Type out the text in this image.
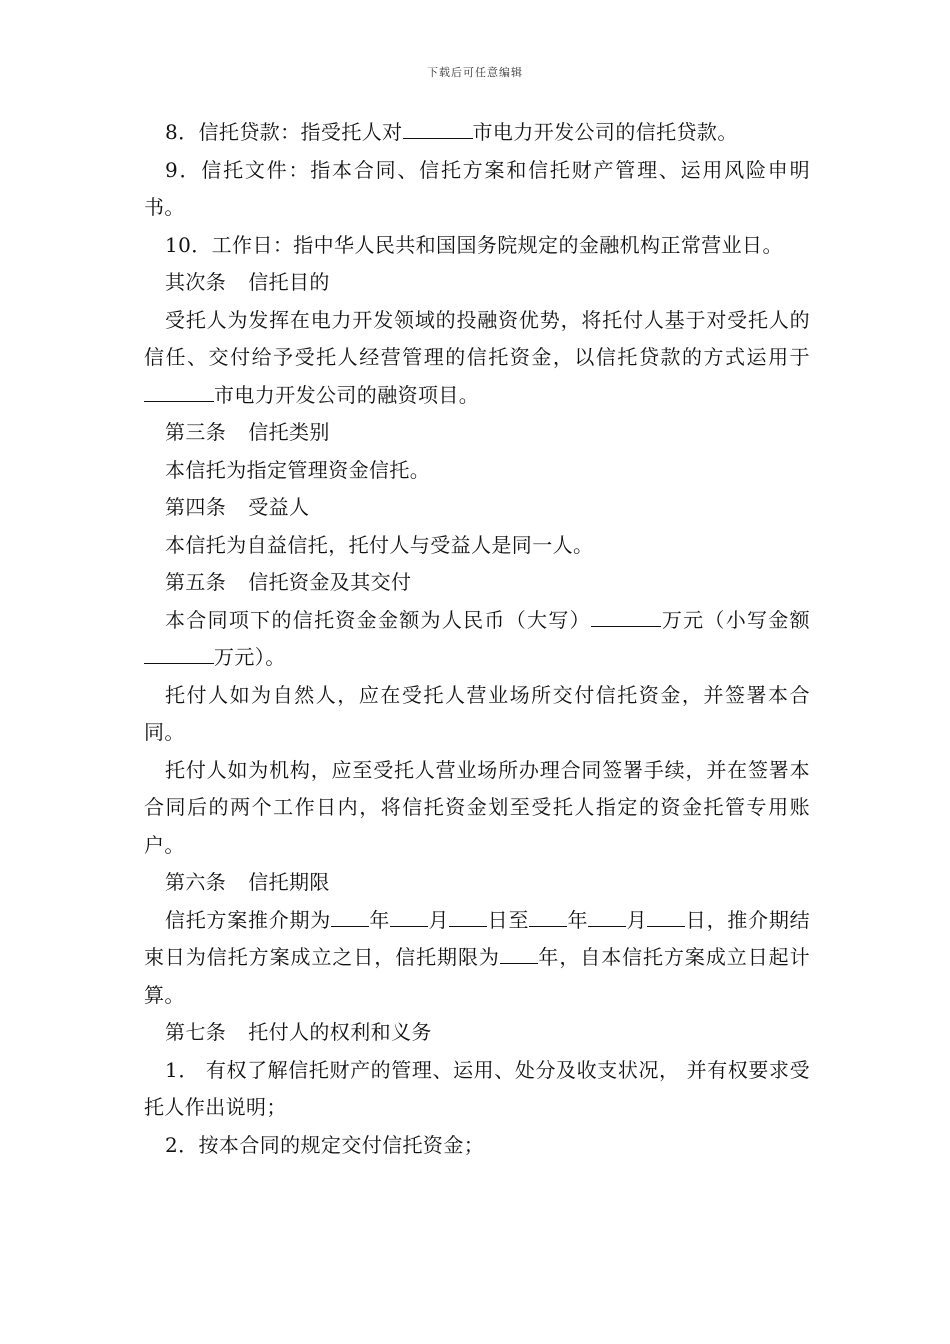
下载后可任意编辑

8．信托贷款：指受托人对	市电力开发公司的信托贷款。

9．信托文件：指本合同、信托方案和信托财产管理、运用风险申明书。

10．工作日：指中华人民共和国国务院规定的金融机构正常营业日。

其次条 信托目的

受托人为发挥在电力开发领域的投融资优势，将托付人基于对受托人的信任、交付给予受托人经营管理的信托资金，以信托贷款的方式运用于市电力开发公司的融资项目。

第三条 信托类别

本信托为指定管理资金信托。

第四条 受益人

本信托为自益信托，托付人与受益人是同一人。

第五条 信托资金及其交付

本合同项下的信托资金金额为人民币（大写）	万元（小写金额万元）。

托付人如为自然人，应在受托人营业场所交付信托资金，并签署本合同。

托付人如为机构，应至受托人营业场所办理合同签署手续，并在签署本合同后的两个工作日内，将信托资金划至受托人指定的资金托管专用账户。

第六条 信托期限

信托方案推介期为 年 月 日至 年 月 日，推介期结束日为信托方案成立之日，信托期限为 年，自本信托方案成立日起计算。

第七条 托付人的权利和义务

1． 有权了解信托财产的管理、运用、处分及收支状况， 并有权要求受托人作出说明；

2．按本合同的规定交付信托资金；
